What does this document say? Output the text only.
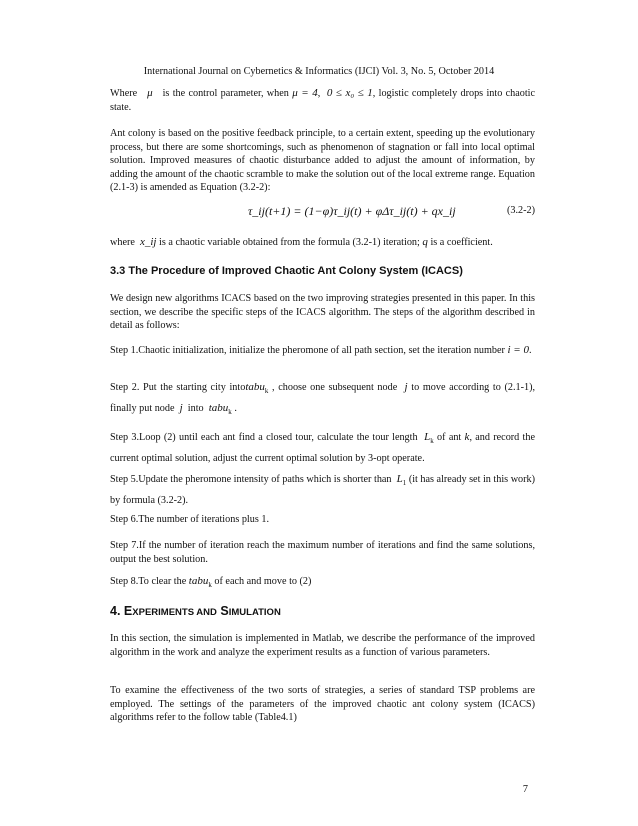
International Journal on Cybernetics & Informatics (IJCI) Vol. 3, No. 5, October 2014
Where μ is the control parameter, when μ = 4, 0 ≤ x₀ ≤ 1, logistic completely drops into chaotic state.
Ant colony is based on the positive feedback principle, to a certain extent, speeding up the evolutionary process, but there are some shortcomings, such as phenomenon of stagnation or fall into local optimal solution. Improved measures of chaotic disturbance added to adjust the amount of information, by adding the amount of the chaotic scramble to make the solution out of the local extreme range. Equation (2.1-3) is amended as Equation (3.2-2):
τ_ij(t+1) = (1−φ)τ_ij(t) + φΔτ_ij(t) + qx_ij	(3.2-2)
where x_ij is a chaotic variable obtained from the formula (3.2-1) iteration; q is a coefficient.
3.3 The Procedure of Improved Chaotic Ant Colony System (ICACS)
We design new algorithms ICACS based on the two improving strategies presented in this paper. In this section, we describe the specific steps of the ICACS algorithm. The steps of the algorithm described in detail as follows:
Step 1.Chaotic initialization, initialize the pheromone of all path section, set the iteration number i = 0.
Step 2. Put the starting city intotabu$_k$ , choose one subsequent node j to move according to (2.1-1), finally put node j into tabu$_k$ .
Step 3.Loop (2) until each ant find a closed tour, calculate the tour length $L_k$ of ant k, and record the current optimal solution, adjust the current optimal solution by 3-opt operate.
Step 5.Update the pheromone intensity of paths which is shorter than $L_1$ (it has already set in this work) by formula (3.2-2).
Step 6.The number of iterations plus 1.
Step 7.If the number of iteration reach the maximum number of iterations and find the same solutions, output the best solution.
Step 8.To clear the tabu$_k$ of each and move to (2)
4. EXPERIMENTS AND SIMULATION
In this section, the simulation is implemented in Matlab, we describe the performance of the improved algorithm in the work and analyze the experiment results as a function of various parameters.
To examine the effectiveness of the two sorts of strategies, a series of standard TSP problems are employed. The settings of the parameters of the improved chaotic ant colony system (ICACS) algorithms refer to the follow table (Table4.1)
7
